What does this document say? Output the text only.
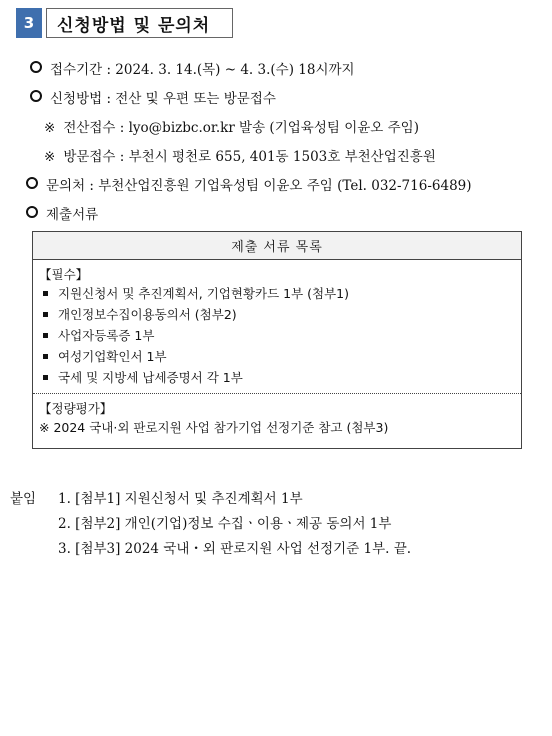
3	신청방법 및 문의처
접수기간 : 2024. 3. 14.(목) ~ 4. 3.(수) 18시까지
신청방법 : 전산 및 우편 또는 방문접수
※ 전산접수 : lyo@bizbc.or.kr 발송 (기업육성팀 이윤오 주임)
※ 방문접수 : 부천시 평천로 655, 401동 1503호 부천산업진흥원
문의처 : 부천산업진흥원 기업육성팀 이윤오 주임 (Tel. 032-716-6489)
제출서류
제출 서류 목록
【필수】
지원신청서 및 추진계획서, 기업현황카드 1부 (첨부1)
개인정보수집이용동의서 (첨부2)
사업자등록증 1부
여성기업확인서 1부
국세 및 지방세 납세증명서 각 1부
【정량평가】
※ 2024 국내·외 판로지원 사업 참가기업 선정기준 참고 (첨부3)
붙임 1. [첨부1] 지원신청서 및 추진계획서 1부
2. [첨부2] 개인(기업)정보 수집ㆍ이용ㆍ제공 동의서 1부
3. [첨부3] 2024 국내・외 판로지원 사업 선정기준 1부. 끝.
